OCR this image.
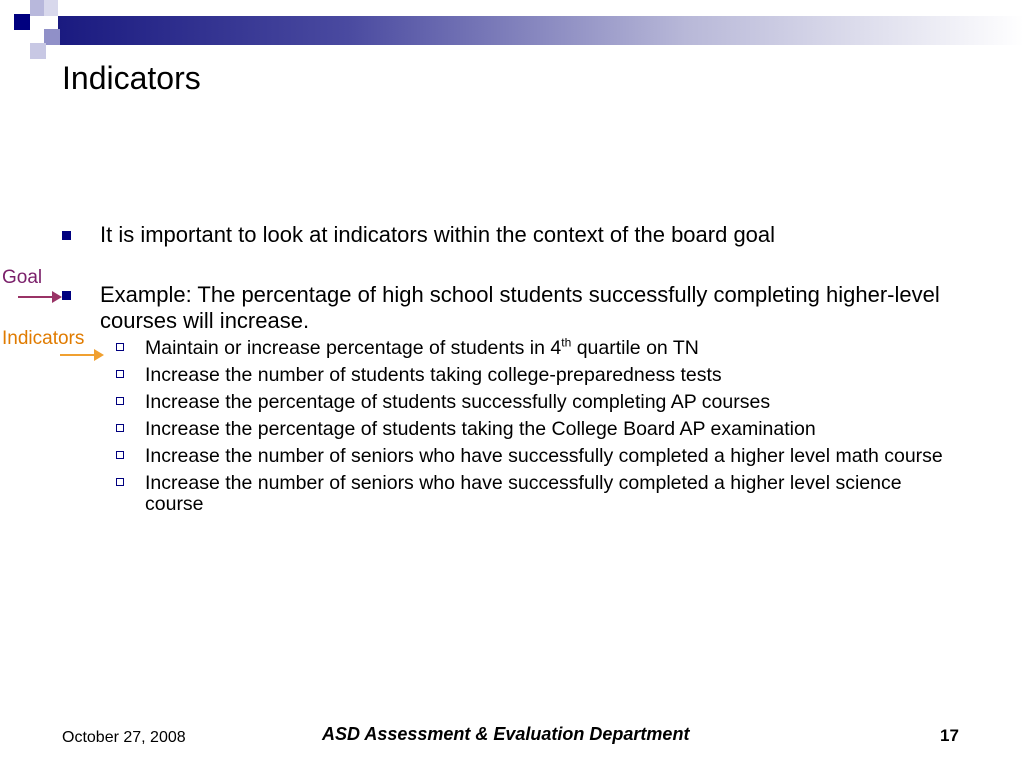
Indicators
Goal
Indicators
It is important to look at indicators within the context of the board goal
Example: The percentage of high school students successfully completing higher-level courses will increase.
Maintain or increase percentage of students in 4th quartile on TN
Increase the number of students taking college-preparedness tests
Increase the percentage of students successfully completing AP courses
Increase the percentage of students taking the College Board AP examination
Increase the number of seniors who have successfully completed a higher level math course
Increase the number of seniors who have successfully completed a higher level science course
October 27, 2008	ASD Assessment & Evaluation Department	17
